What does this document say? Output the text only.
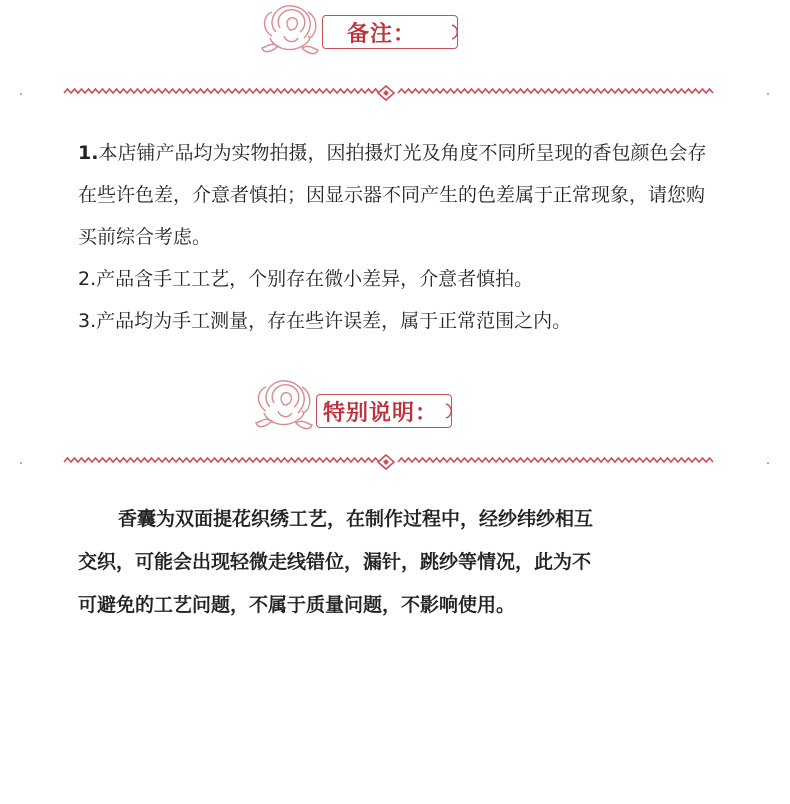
备注：

1.本店铺产品均为实物拍摄，因拍摄灯光及角度不同所呈现的香包颜色会存在些许色差，介意者慎拍；因显示器不同产生的色差属于正常现象，请您购买前综合考虑。

2.产品含手工工艺，个别存在微小差异，介意者慎拍。

3.产品均为手工测量，存在些许误差，属于正常范围之内。

特别说明：

香囊为双面提花织绣工艺，在制作过程中，经纱纬纱相互

交织，可能会出现轻微走线错位，漏针，跳纱等情况，此为不

可避免的工艺问题，不属于质量问题，不影响使用。
